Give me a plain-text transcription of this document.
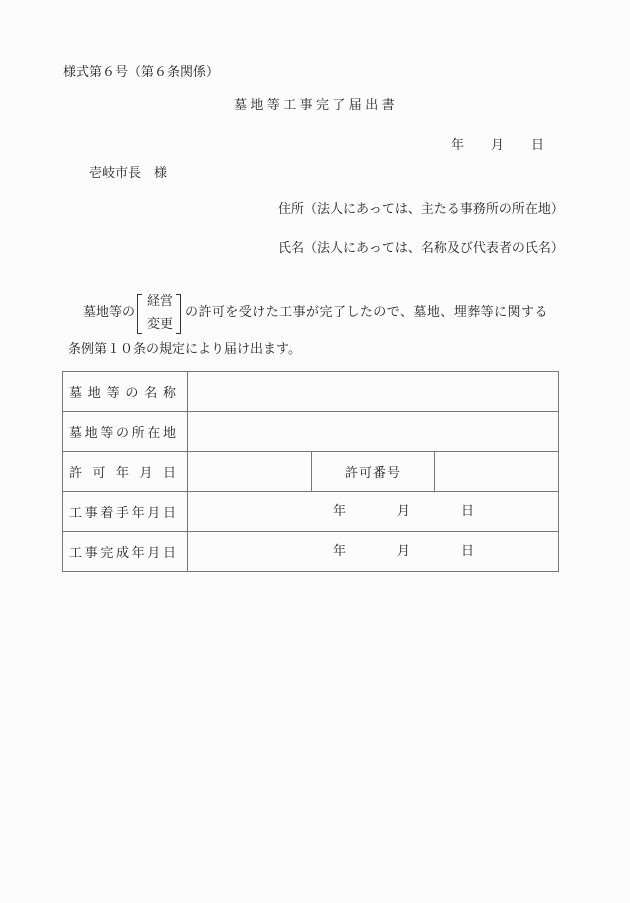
様式第６号（第６条関係）
墓地等工事完了届出書
年 月 日
壱岐市長 様
住所（法人にあっては、主たる事務所の所在地）
氏名（法人にあっては、名称及び代表者の氏名）
墓地等の
経営
変更
の許可を受けた工事が完了したので、墓地、埋葬等に関する
条例第１０条の規定により届け出ます。
墓 地 等 の 名 称

墓 地 等 の 所 在 地

許 可 年 月 日		許可番号	

工 事 着 手 年 月 日	年	月	日

工 事 完 成 年 月 日	年	月	日
